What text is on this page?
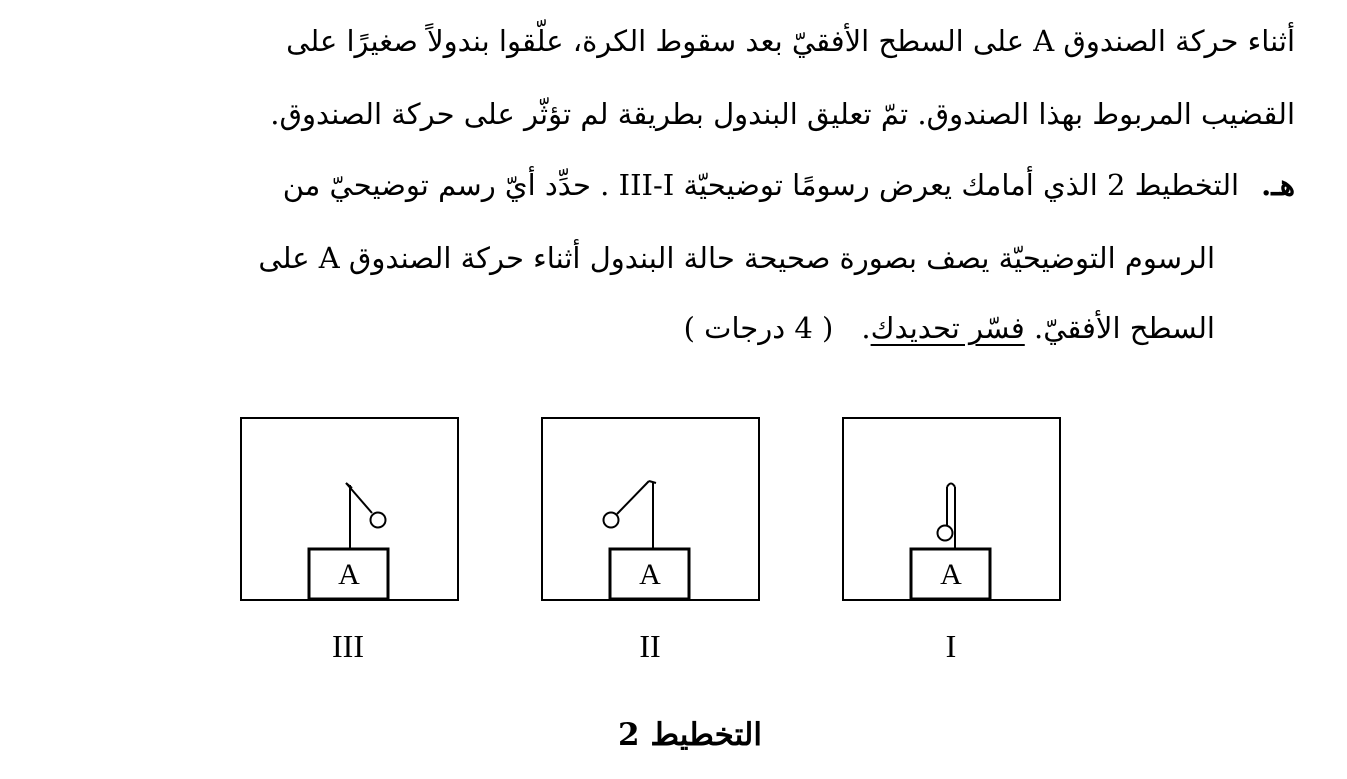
أثناء حركة الصندوق A على السطح الأفقيّ بعد سقوط الكرة، علّقوا بندولاً صغيرًا على
القضيب المربوط بهذا الصندوق. تمّ تعليق البندول بطريقة لم تؤثّر على حركة الصندوق.
هـ.التخطيط 2 الذي أمامك يعرض رسومًا توضيحيّة III-I . حدِّد أيّ رسم توضيحيّ من
الرسوم التوضيحيّة يصف بصورة صحيحة حالة البندول أثناء حركة الصندوق A على
السطح الأفقيّ. فسّر تحديدك.( 4 درجات )
A	A	A
III	II	I
التخطيط 2
